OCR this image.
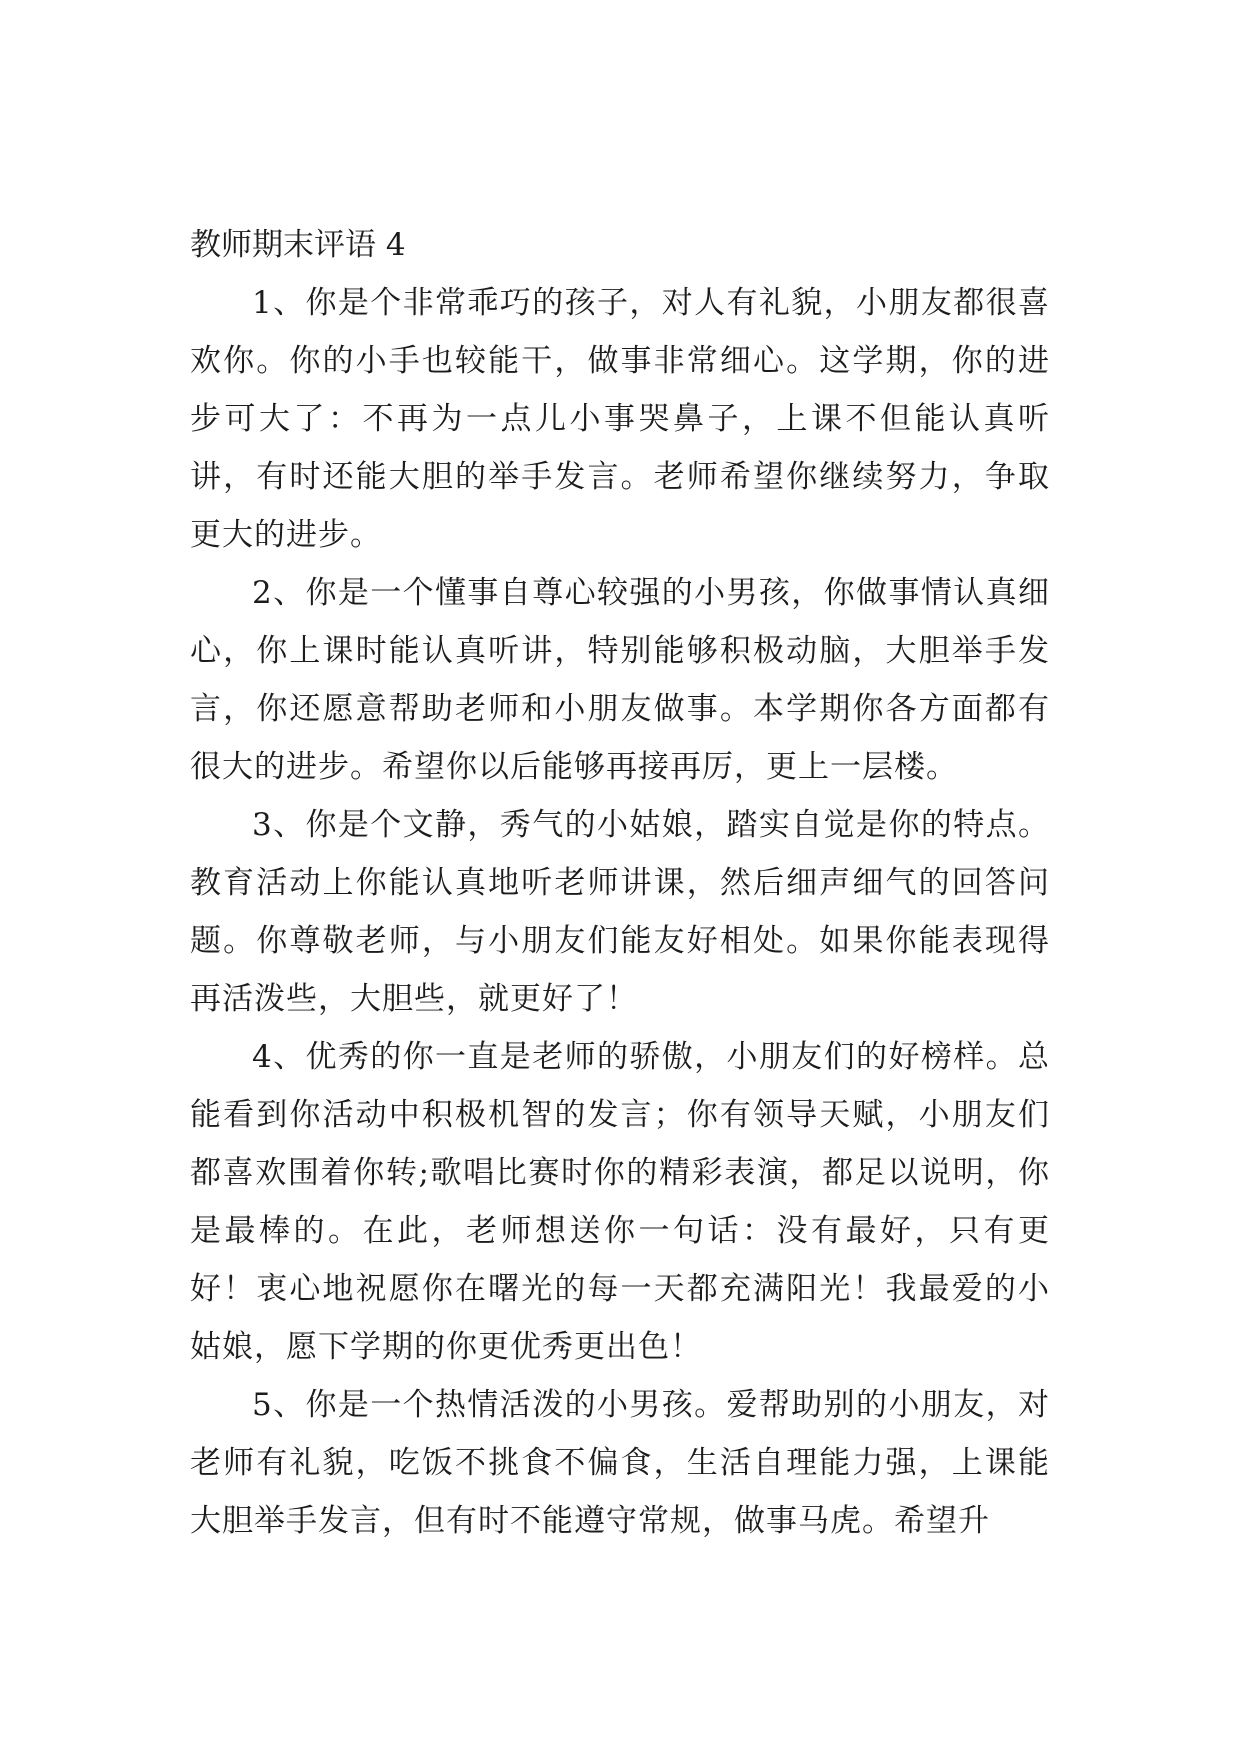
教师期末评语 4

1、你是个非常乖巧的孩子，对人有礼貌，小朋友都很喜欢你。你的小手也较能干，做事非常细心。这学期，你的进步可大了：不再为一点儿小事哭鼻子，上课不但能认真听讲，有时还能大胆的举手发言。老师希望你继续努力，争取更大的进步。

2、你是一个懂事自尊心较强的小男孩，你做事情认真细心，你上课时能认真听讲，特别能够积极动脑，大胆举手发言，你还愿意帮助老师和小朋友做事。本学期你各方面都有很大的进步。希望你以后能够再接再厉，更上一层楼。

3、你是个文静，秀气的小姑娘，踏实自觉是你的特点。教育活动上你能认真地听老师讲课，然后细声细气的回答问题。你尊敬老师，与小朋友们能友好相处。如果你能表现得再活泼些，大胆些，就更好了！

4、优秀的你一直是老师的骄傲，小朋友们的好榜样。总能看到你活动中积极机智的发言；你有领导天赋，小朋友们都喜欢围着你转;歌唱比赛时你的精彩表演，都足以说明，你是最棒的。在此，老师想送你一句话：没有最好，只有更好！衷心地祝愿你在曙光的每一天都充满阳光！我最爱的小姑娘，愿下学期的你更优秀更出色！

5、你是一个热情活泼的小男孩。爱帮助别的小朋友，对老师有礼貌，吃饭不挑食不偏食，生活自理能力强，上课能大胆举手发言，但有时不能遵守常规，做事马虎。希望升
